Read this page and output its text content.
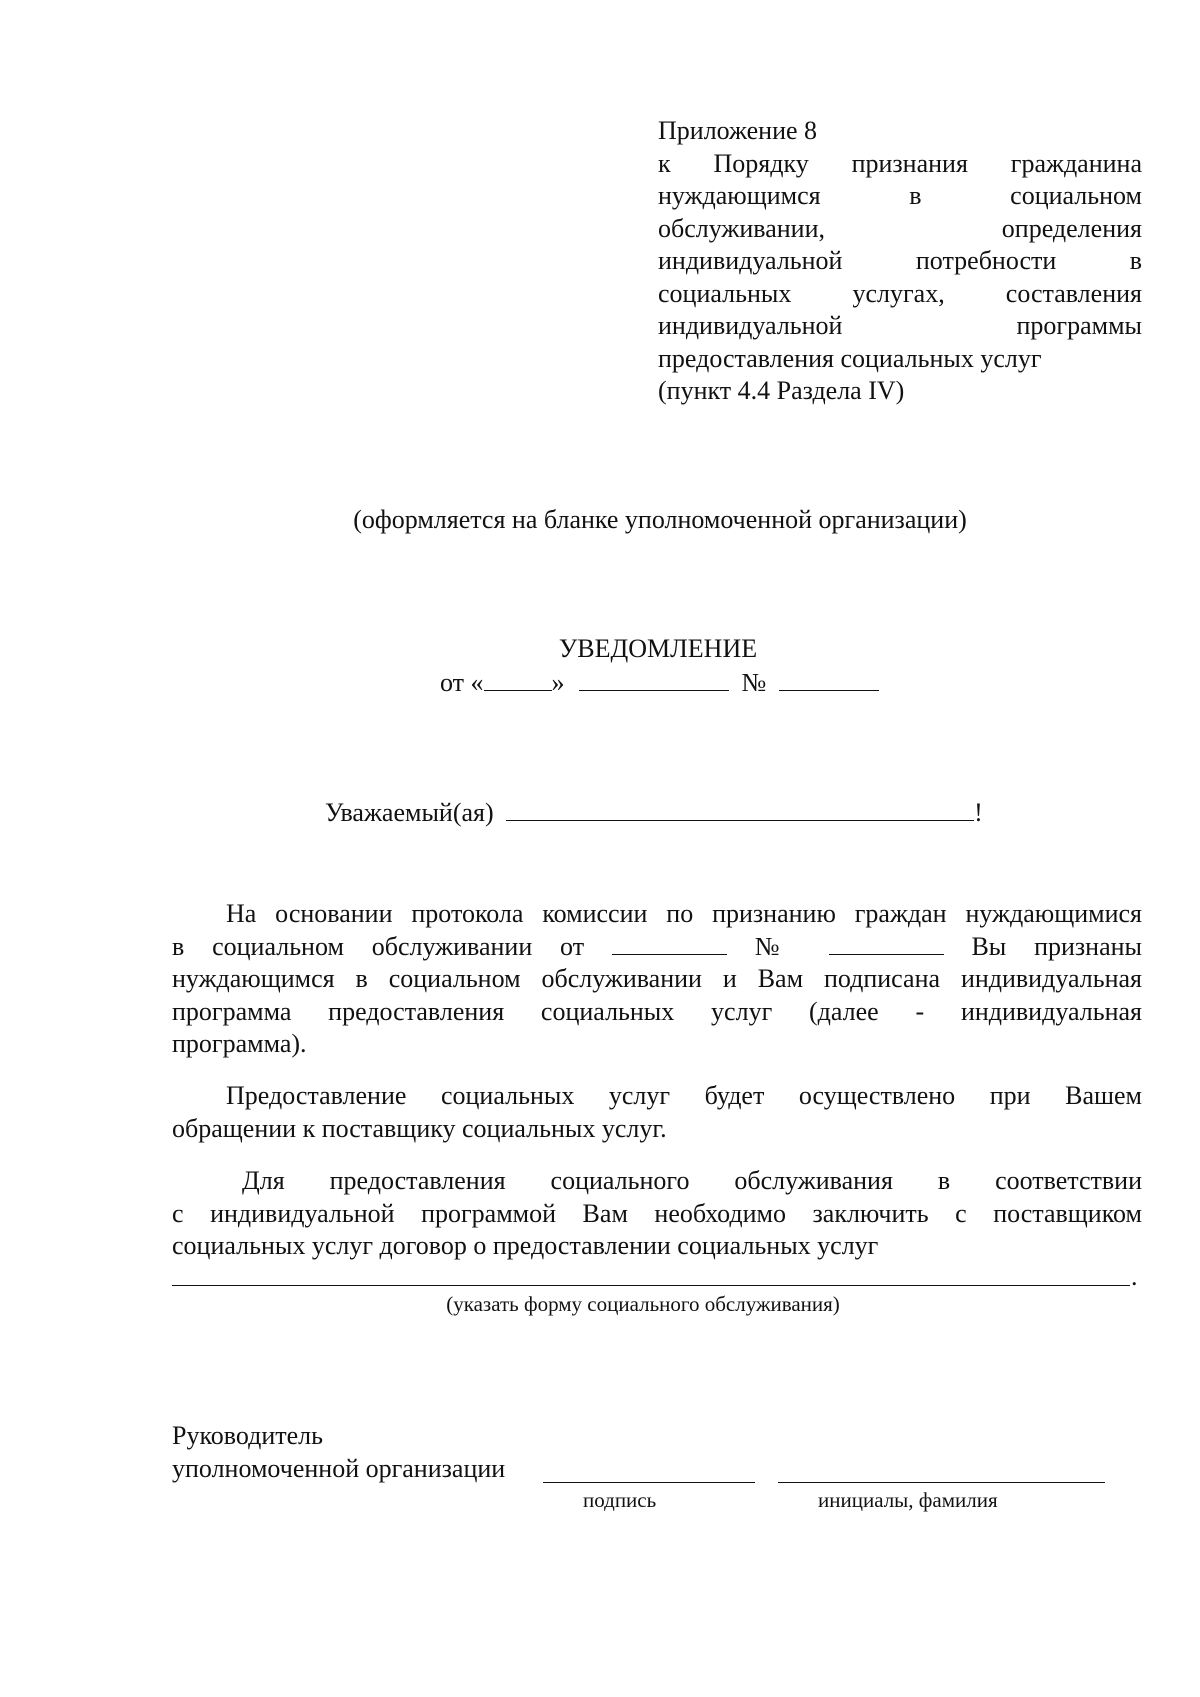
Приложение 8
к Порядку признания гражданина
нуждающимся в социальном
обслуживании, определения
индивидуальной потребности в
социальных услугах, составления
индивидуальной программы
предоставления социальных услуг
(пункт 4.4 Раздела IV)
(оформляется на бланке уполномоченной организации)
УВЕДОМЛЕНИЕ
от «	»	№
Уважаемый(ая)	!
На основании протокола комиссии по признанию граждан нуждающимися
в социальном обслуживании от	№	Вы признаны
нуждающимся в социальном обслуживании и Вам подписана индивидуальная
программа предоставления социальных услуг (далее - индивидуальная
программа).
Предоставление социальных услуг будет осуществлено при Вашем
обращении к поставщику социальных услуг.
Для предоставления социального обслуживания в соответствии
с индивидуальной программой Вам необходимо заключить с поставщиком
социальных услуг договор о предоставлении социальных услуг
.
(указать форму социального обслуживания)
Руководитель
уполномоченной организации
подпись	инициалы, фамилия
